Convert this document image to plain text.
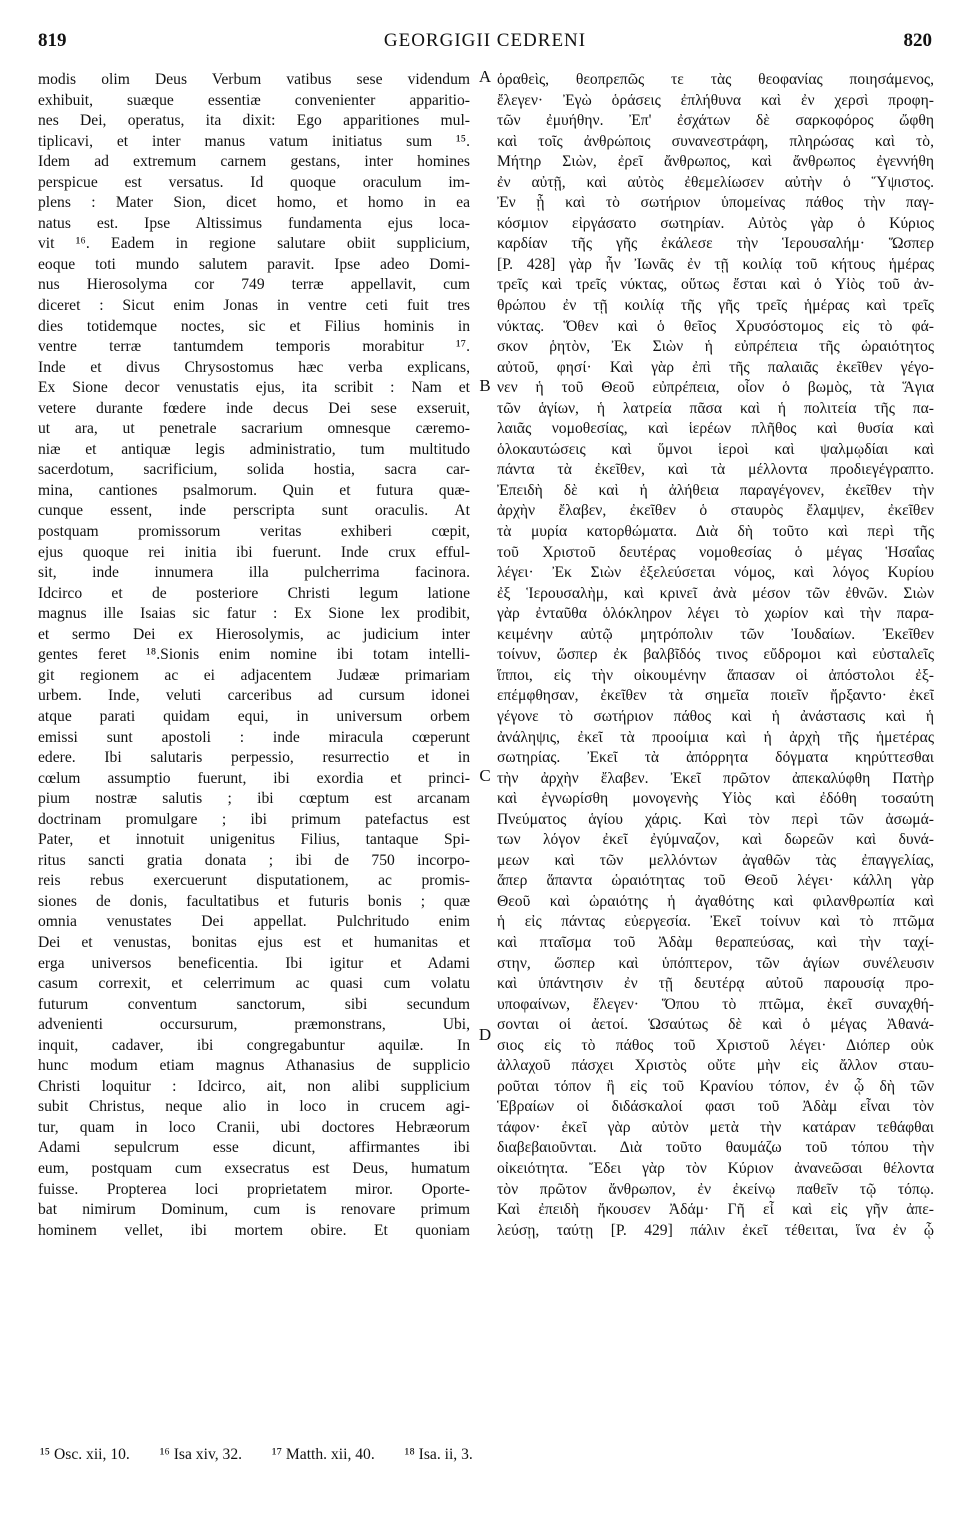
819	GEORGIGII CEDRENI	820
modis olim Deus Verbum vatibus sese videndum
exhibuit, suæque essentiæ convenienter apparitio-
nes Dei, operatus, ita dixit: Ego apparitiones mul-
tiplicavi, et inter manus vatum initiatus sum ¹⁵.
Idem ad extremum carnem gestans, inter homines
perspicue est versatus. Id quoque oraculum im-
plens : Mater Sion, dicet homo, et homo in ea
natus est. Ipse Altissimus fundamenta ejus loca-
vit ¹⁶. Eadem in regione salutare obiit supplicium,
eoque toti mundo salutem paravit. Ipse adeo Domi-
nus Hierosolyma cor 749 terræ appellavit, cum
diceret : Sicut enim Jonas in ventre ceti fuit tres
dies totidemque noctes, sic et Filius hominis in
ventre terræ tantumdem temporis morabitur ¹⁷.
Inde et divus Chrysostomus hæc verba explicans,
Ex Sione decor venustatis ejus, ita scribit : Nam et
vetere durante fœdere inde decus Dei sese exseruit,
ut ara, ut penetrale sacrarium omnesque cæremo-
niæ et antiquæ legis administratio, tum multitudo
sacerdotum, sacrificium, solida hostia, sacra car-
mina, cantiones psalmorum. Quin et futura quæ-
cunque essent, inde perscripta sunt oraculis. At
postquam promissorum veritas exhiberi cœpit,
ejus quoque rei initia ibi fuerunt. Inde crux efful-
sit, inde innumera illa pulcherrima facinora.
Idcirco et de posteriore Christi legum latione
magnus ille Isaias sic fatur : Ex Sione lex prodibit,
et sermo Dei ex Hierosolymis, ac judicium inter
gentes feret ¹⁸.Sionis enim nomine ibi totam intelli-
git regionem ac ei adjacentem Judææ primariam
urbem. Inde, veluti carceribus ad cursum idonei
atque parati quidam equi, in universum orbem
emissi sunt apostoli : inde miracula cœperunt
edere. Ibi salutaris perpessio, resurrectio et in
cœlum assumptio fuerunt, ibi exordia et princi-
pium nostræ salutis ; ibi cœptum est arcanam
doctrinam promulgare ; ibi primum patefactus est
Pater, et innotuit unigenitus Filius, tantaque Spi-
ritus sancti gratia donata ; ibi de 750 incorpo-
reis rebus exercuerunt disputationem, ac promis-
siones de donis, facultatibus et futuris bonis ; quæ
omnia venustates Dei appellat. Pulchritudo enim
Dei et venustas, bonitas ejus est et humanitas et
erga universos beneficentia. Ibi igitur et Adami
casum correxit, et celerrimum ac quasi cum volatu
futurum conventum sanctorum, sibi secundum
advenienti occursurum, præmonstrans, Ubi,
inquit, cadaver, ibi congregabuntur aquilæ. In
hunc modum etiam magnus Athanasius de supplicio
Christi loquitur : Idcirco, ait, non alibi supplicium
subit Christus, neque alio in loco in crucem agi-
tur, quam in loco Cranii, ubi doctores Hebræorum
Adami sepulcrum esse dicunt, affirmantes ibi
eum, postquam cum exsecratus est Deus, humatum
fuisse. Propterea loci proprietatem miror. Oporte-
bat nimirum Dominum, cum is renovare primum
hominem vellet, ibi mortem obire. Et quoniam
ὁραθεὶς, θεοπρεπῶς τε τὰς θεοφανίας ποιησάμενος,
ἔλεγεν· Ἐγὼ ὁράσεις ἐπλήθυνα καὶ ἐν χερσὶ προφη-
τῶν ἐμυήθην. Ἐπ' ἐσχάτων δὲ σαρκοφόρος ὤφθη
καὶ τοῖς ἀνθρώποις συνανεστράφη, πληρώσας καὶ τὸ,
Μήτηρ Σιὼν, ἐρεῖ ἄνθρωπος, καὶ ἄνθρωπος ἐγεννήθη
ἐν αὐτῇ, καὶ αὐτὸς ἐθεμελίωσεν αὐτὴν ὁ Ὕψιστος.
Ἐν ᾗ καὶ τὸ σωτήριον ὑπομείνας πάθος τὴν παγ-
κόσμιον εἰργάσατο σωτηρίαν. Αὐτὸς γὰρ ὁ Κύριος
καρδίαν τῆς γῆς ἐκάλεσε τὴν Ἱερουσαλήμ· Ὥσπερ
[P. 428] γὰρ ἦν Ἰωνᾶς ἐν τῇ κοιλίᾳ τοῦ κήτους ἡμέρας
τρεῖς καὶ τρεῖς νύκτας, οὕτως ἔσται καὶ ὁ Υἱὸς τοῦ ἀν-
θρώπου ἐν τῇ κοιλίᾳ τῆς γῆς τρεῖς ἡμέρας καὶ τρεῖς
νύκτας. Ὅθεν καὶ ὁ θεῖος Χρυσόστομος εἰς τὸ φά-
σκον ῥητὸν, Ἐκ Σιὼν ἡ εὐπρέπεια τῆς ὡραιότητος
αὐτοῦ, φησί· Καὶ γὰρ ἐπὶ τῆς παλαιᾶς ἐκεῖθεν γέγο-
νεν ἡ τοῦ Θεοῦ εὐπρέπεια, οἷον ὁ βωμὸς, τὰ Ἅγια
τῶν ἁγίων, ἡ λατρεία πᾶσα καὶ ἡ πολιτεία τῆς πα-
λαιᾶς νομοθεσίας, καὶ ἱερέων πλῆθος καὶ θυσία καὶ
ὁλοκαυτώσεις καὶ ὕμνοι ἱεροὶ καὶ ψαλμῳδίαι καὶ
πάντα τὰ ἐκεῖθεν, καὶ τὰ μέλλοντα προδιεγέγραπτο.
Ἐπειδὴ δὲ καὶ ἡ ἀλήθεια παραγέγονεν, ἐκεῖθεν τὴν
ἀρχὴν ἔλαβεν, ἐκεῖθεν ὁ σταυρὸς ἔλαμψεν, ἐκεῖθεν
τὰ μυρία κατορθώματα. Διὰ δὴ τοῦτο καὶ περὶ τῆς
τοῦ Χριστοῦ δευτέρας νομοθεσίας ὁ μέγας Ἡσαΐας
λέγει· Ἐκ Σιὼν ἐξελεύσεται νόμος, καὶ λόγος Κυρίου
ἐξ Ἱερουσαλὴμ, καὶ κρινεῖ ἀνὰ μέσον τῶν ἐθνῶν. Σιὼν
γὰρ ἐνταῦθα ὁλόκληρον λέγει τὸ χωρίον καὶ τὴν παρα-
κειμένην αὐτῷ μητρόπολιν τῶν Ἰουδαίων. Ἐκεῖθεν
τοίνυν, ὥσπερ ἐκ βαλβῖδός τινος εὔδρομοι καὶ εὐσταλεῖς
ἵπποι, εἰς τὴν οἰκουμένην ἅπασαν οἱ ἀπόστολοι ἐξ-
επέμφθησαν, ἐκεῖθεν τὰ σημεῖα ποιεῖν ἤρξαντο· ἐκεῖ
γέγονε τὸ σωτήριον πάθος καὶ ἡ ἀνάστασις καὶ ἡ
ἀνάληψις, ἐκεῖ τὰ προοίμια καὶ ἡ ἀρχὴ τῆς ἡμετέρας
σωτηρίας. Ἐκεῖ τὰ ἀπόρρητα δόγματα κηρύττεσθαι
τὴν ἀρχὴν ἔλαβεν. Ἐκεῖ πρῶτον ἀπεκαλύφθη Πατὴρ
καὶ ἐγνωρίσθη μονογενὴς Υἱὸς καὶ ἐδόθη τοσαύτη
Πνεύματος ἁγίου χάρις. Καὶ τὸν περὶ τῶν ἀσωμά-
των λόγον ἐκεῖ ἐγύμναζον, καὶ δωρεῶν καὶ δυνά-
μεων καὶ τῶν μελλόντων ἀγαθῶν τὰς ἐπαγγελίας,
ἅπερ ἅπαντα ὡραιότητας τοῦ Θεοῦ λέγει· κάλλη γὰρ
Θεοῦ καὶ ὡραιότης ἡ ἀγαθότης καὶ φιλανθρωπία καὶ
ἡ εἰς πάντας εὐεργεσία. Ἐκεῖ τοίνυν καὶ τὸ πτῶμα
καὶ πταῖσμα τοῦ Ἀδὰμ θεραπεύσας, καὶ τὴν ταχί-
στην, ὥσπερ καὶ ὑπόπτερον, τῶν ἁγίων συνέλευσιν
καὶ ὑπάντησιν ἐν τῇ δευτέρᾳ αὐτοῦ παρουσίᾳ προ-
υποφαίνων, ἔλεγεν· Ὅπου τὸ πτῶμα, ἐκεῖ συναχθή-
σονται οἱ ἀετοί. Ὡσαύτως δὲ καὶ ὁ μέγας Ἀθανά-
σιος εἰς τὸ πάθος τοῦ Χριστοῦ λέγει· Διόπερ οὐκ
ἀλλαχοῦ πάσχει Χριστὸς οὔτε μὴν εἰς ἄλλον σταυ-
ροῦται τόπον ἢ εἰς τοῦ Κρανίου τόπον, ἐν ᾧ δὴ τῶν
Ἑβραίων οἱ διδάσκαλοί φασι τοῦ Ἀδὰμ εἶναι τὸν
τάφον· ἐκεῖ γὰρ αὐτὸν μετὰ τὴν κατάραν τεθάφθαι
διαβεβαιοῦνται. Διὰ τοῦτο θαυμάζω τοῦ τόπου τὴν
οἰκειότητα. Ἔδει γὰρ τὸν Κύριον ἀνανεῶσαι θέλοντα
τὸν πρῶτον ἄνθρωπον, ἐν ἐκείνῳ παθεῖν τῷ τόπῳ.
Καὶ ἐπειδὴ ἤκουσεν Ἀδάμ· Γῆ εἶ καὶ εἰς γῆν ἀπε-
λεύσῃ, ταύτῃ [P. 429] πάλιν ἐκεῖ τέθειται, ἵνα ἐν ᾧ
A
B
C
D
¹⁵ Osc. xii, 10. ¹⁶ Isa xiv, 32. ¹⁷ Matth. xii, 40. ¹⁸ Isa. ii, 3.
